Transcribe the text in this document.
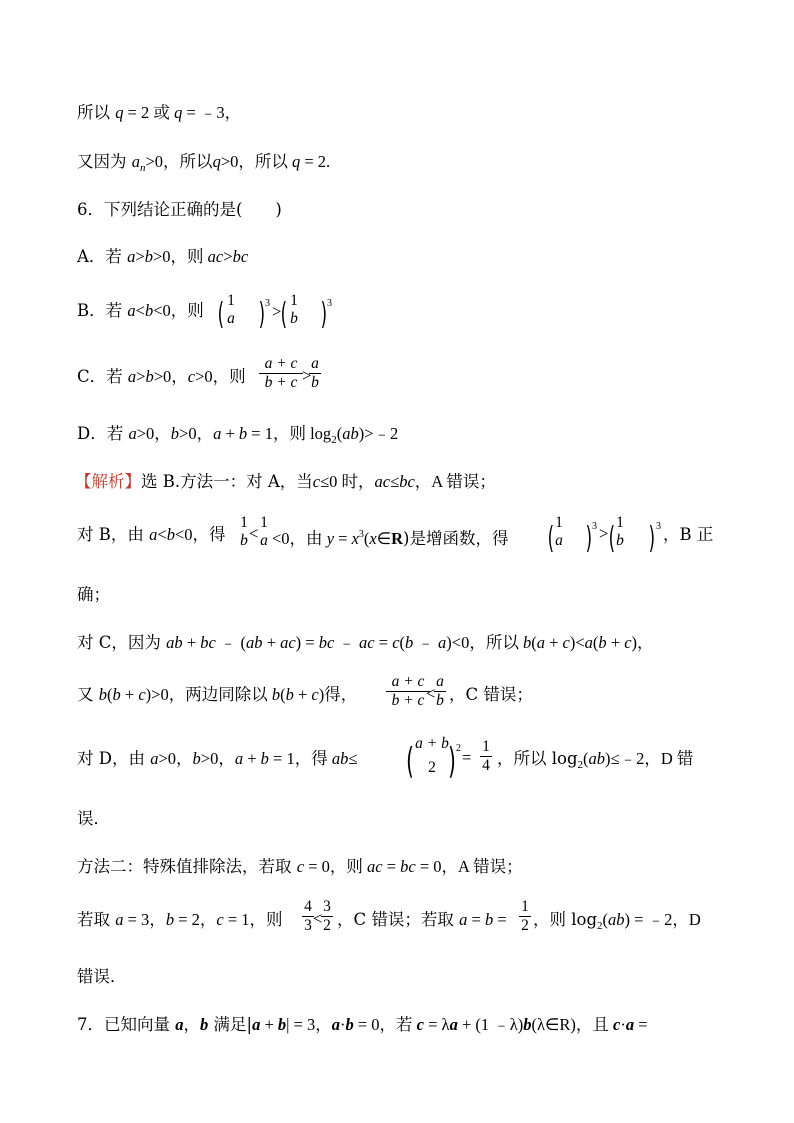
所以 q = 2 或 q = ﹣3，
又因为 $a_n>0$，所以q>0，所以 q = 2.
6．下列结论正确的是(　　)
A．若 a>b>0，则 ac>bc
B．若 a<b<0，则 ( 1
a ) 3 > ( 1
b ) 3
C．若 a>b>0，c>0，则
a + c
b + c >
a
b
D．若 a>0，b>0，a + b = 1，则 $\log_2(ab)>﹣2$
【解析】选 B.方法一：对 A，当c≤0 时，ac≤bc，A 错误；
对 B，由 a<b<0，得
1
b <
1
a <0，由 $y = x^3(x\in R)$是增函数，得 ( 1
a ) 3 > ( 1
b ) 3 ，B 正
确；
对 C，因为 ab + bc ﹣ (ab + ac) = bc ﹣ ac = c(b ﹣ a)<0，所以 b(a + c)<a(b + c)，
又 b(b + c)>0，两边同除以 b(b + c)得，
a + c
b + c <
a
b ，C 错误；
对 D，由 a>0，b>0，a + b = 1，得 ab≤ ( a + b
2 ) 2 =
1
4 ，所以 $\log_2(ab)\le﹣2$，D 错
误．
方法二：特殊值排除法，若取 c = 0，则 ac = bc = 0，A 错误；
若取 a = 3，b = 2，c = 1，则
4
3 <
3
2 ，C 错误；若取 a = b =
1
2 ，则 $\log_2(ab)$ = ﹣2，D
错误．
7．已知向量 a，b 满足|a + b| = 3，a·b = 0，若 c = λa + (1 ﹣λ)b(λ∈R)，且 c·a =
